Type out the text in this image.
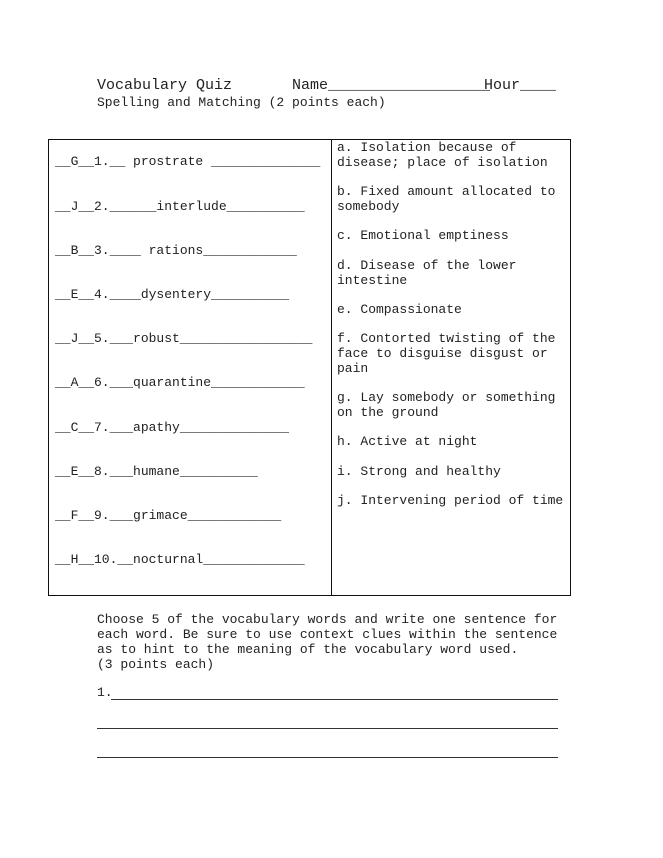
Vocabulary Quiz	Name __________________
Hour ____
Spelling and Matching (2 points each)
__G__1.__ prostrate ______________
__J__2.______interlude__________
__B__3.____ rations____________
__E__4.____dysentery__________
__J__5.___robust_________________
__A__6.___quarantine____________
__C__7.___apathy______________
__E__8.___humane__________
__F__9.___grimace____________
__H__10.__nocturnal_____________
a. Isolation because of disease; place of isolation
b. Fixed amount allocated to somebody
c. Emotional emptiness
d. Disease of the lower intestine
e. Compassionate
f. Contorted twisting of the face to disguise disgust or pain
g. Lay somebody or something on the ground
h. Active at night
i. Strong and healthy
j. Intervening period of time
Choose 5 of the vocabulary words and write one sentence for
each word. Be sure to use context clues within the sentence
as to hint to the meaning of the vocabulary word used.
(3 points each)
1.
